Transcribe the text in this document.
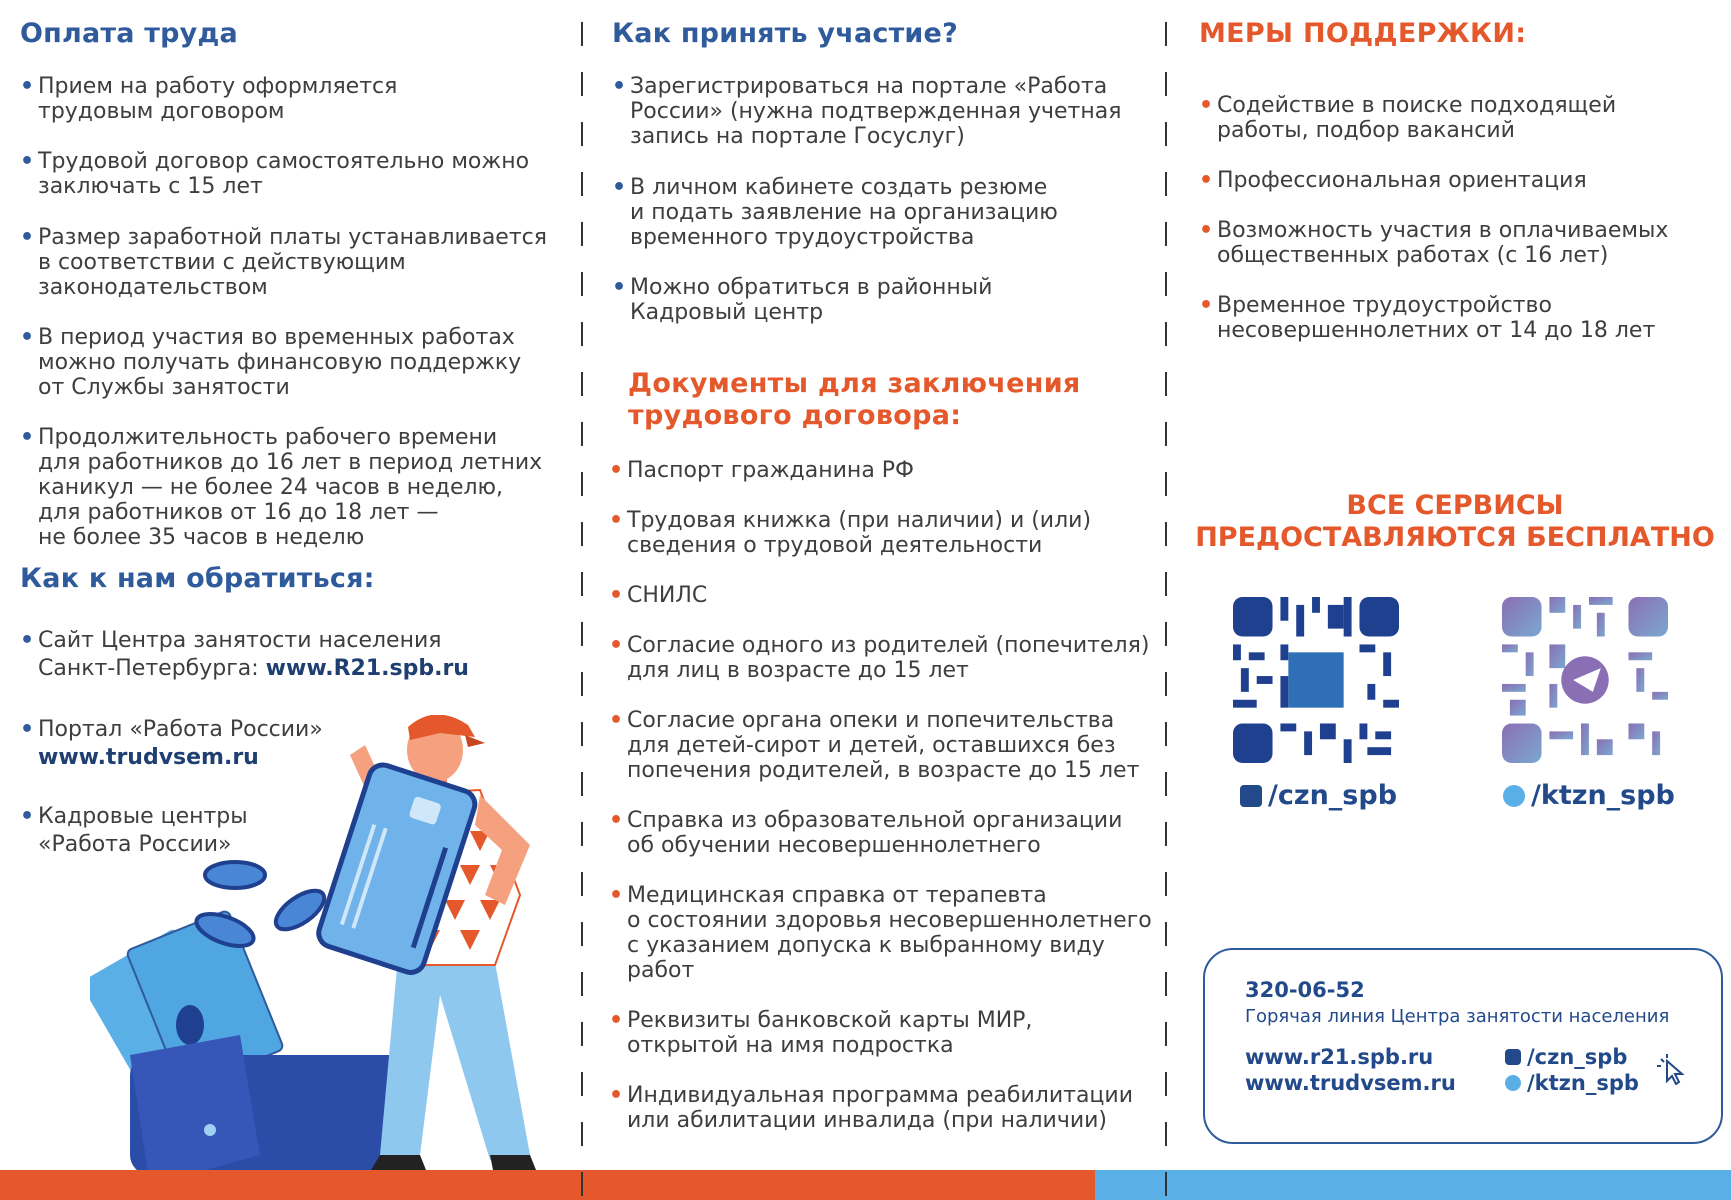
Оплата труда
• Прием на работу оформляется
трудовым договором
• Трудовой договор самостоятельно можно
заключать с 15 лет
• Размер заработной платы устанавливается
в соответствии с действующим
законодательством
• В период участия во временных работах
можно получать финансовую поддержку
от Службы занятости
• Продолжительность рабочего времени
для работников до 16 лет в период летних
каникул — не более 24 часов в неделю,
для работников от 16 до 18 лет —
не более 35 часов в неделю
Как к нам обратиться:
• Сайт Центра занятости населения
Санкт-Петербурга: www.R21.spb.ru
• Портал «Работа России»
www.trudvsem.ru
• Кадровые центры
«Работа России»
Как принять участие?
• Зарегистрироваться на портале «Работа
России» (нужна подтвержденная учетная
запись на портале Госуслуг)
• В личном кабинете создать резюме
и подать заявление на организацию
временного трудоустройства
• Можно обратиться в районный
Кадровый центр
Документы для заключения
трудового договора:
• Паспорт гражданина РФ
• Трудовая книжка (при наличии) и (или)
сведения о трудовой деятельности
• СНИЛС
• Согласие одного из родителей (попечителя)
для лиц в возрасте до 15 лет
• Согласие органа опеки и попечительства
для детей-сирот и детей, оставшихся без
попечения родителей, в возрасте до 15 лет
• Справка из образовательной организации
об обучении несовершеннолетнего
• Медицинская справка от терапевта
о состоянии здоровья несовершеннолетнего
с указанием допуска к выбранному виду
работ
• Реквизиты банковской карты МИР,
открытой на имя подростка
• Индивидуальная программа реабилитации
или абилитации инвалида (при наличии)
МЕРЫ ПОДДЕРЖКИ:
• Содействие в поиске подходящей
работы, подбор вакансий
• Профессиональная ориентация
• Возможность участия в оплачиваемых
общественных работах (с 16 лет)
• Временное трудоустройство
несовершеннолетних от 14 до 18 лет
ВСЕ СЕРВИСЫ
ПРЕДОСТАВЛЯЮТСЯ БЕСПЛАТНО
/czn_spb	/ktzn_spb
320-06-52
Горячая линия Центра занятости населения
www.r21.spb.ru
www.trudvsem.ru
/czn_spb
/ktzn_spb
